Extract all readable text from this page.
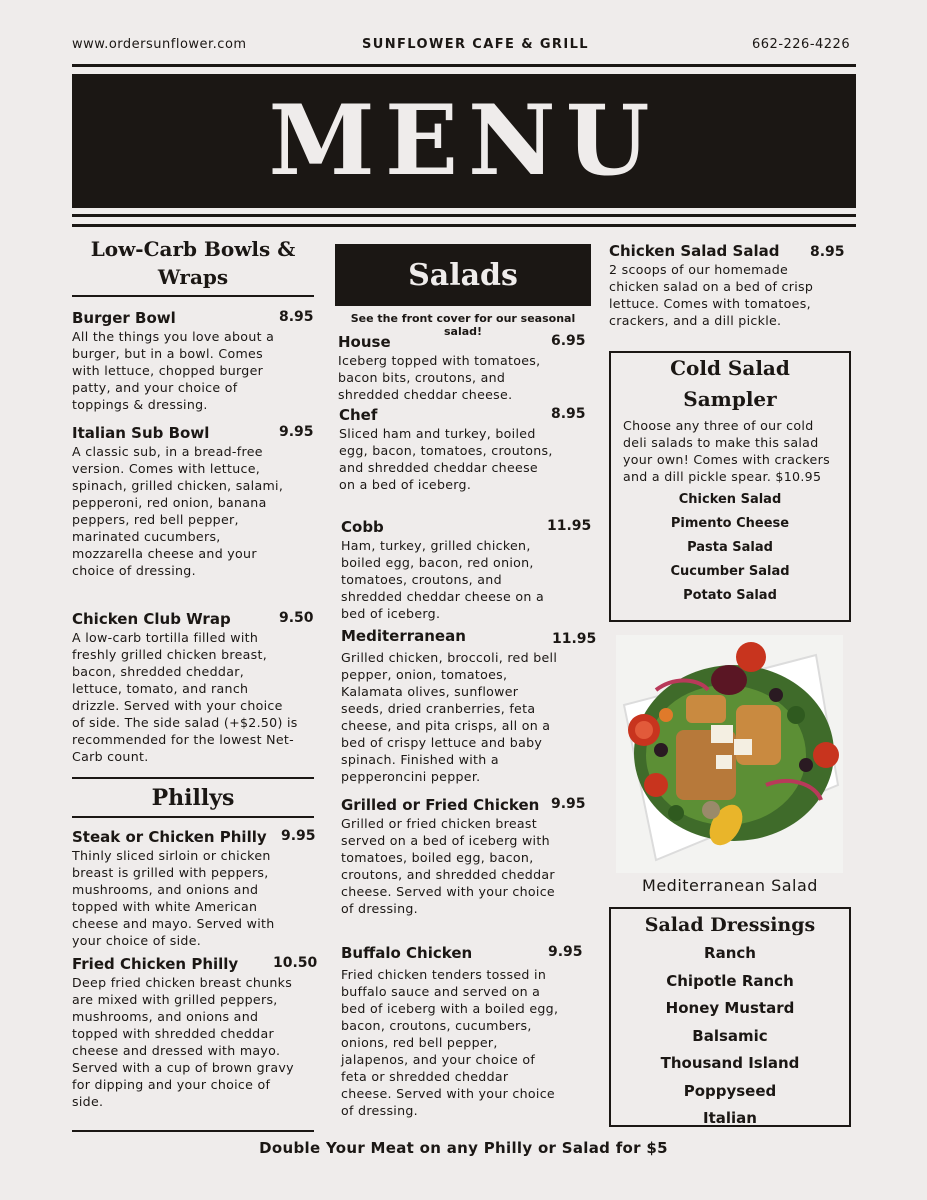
www.ordersunflower.com	SUNFLOWER CAFE & GRILL	662-226-4226
MENU
Low-Carb Bowls & Wraps
Burger Bowl	8.95
All the things you love about a burger, but in a bowl. Comes with lettuce, chopped burger patty, and your choice of toppings & dressing.
Italian Sub Bowl	9.95
A classic sub, in a bread-free version. Comes with lettuce, spinach, grilled chicken, salami, pepperoni, red onion, banana peppers, red bell pepper, marinated cucumbers, mozzarella cheese and your choice of dressing.
Chicken Club Wrap	9.50
A low-carb tortilla filled with freshly grilled chicken breast, bacon, shredded cheddar, lettuce, tomato, and ranch drizzle. Served with your choice of side. The side salad (+$2.50) is recommended for the lowest Net-Carb count.
Phillys
Steak or Chicken Philly	9.95
Thinly sliced sirloin or chicken breast is grilled with peppers, mushrooms, and onions and topped with white American cheese and mayo. Served with your choice of side.
Fried Chicken Philly	10.50
Deep fried chicken breast chunks are mixed with grilled peppers, mushrooms, and onions and topped with shredded cheddar cheese and dressed with mayo. Served with a cup of brown gravy for dipping and your choice of side.
Salads
See the front cover for our seasonal salad!
House	6.95
Iceberg topped with tomatoes, bacon bits, croutons, and shredded cheddar cheese.
Chef	8.95
Sliced ham and turkey, boiled egg, bacon, tomatoes, croutons, and shredded cheddar cheese on a bed of iceberg.
Cobb	11.95
Ham, turkey, grilled chicken, boiled egg, bacon, red onion, tomatoes, croutons, and shredded cheddar cheese on a bed of iceberg.
Mediterranean	11.95
Grilled chicken, broccoli, red bell pepper, onion, tomatoes, Kalamata olives, sunflower seeds, dried cranberries, feta cheese, and pita crisps, all on a bed of crispy lettuce and baby spinach. Finished with a pepperoncini pepper.
Grilled or Fried Chicken 9.95
Grilled or fried chicken breast served on a bed of iceberg with tomatoes, boiled egg, bacon, croutons, and shredded cheddar cheese. Served with your choice of dressing.
Buffalo Chicken	9.95
Fried chicken tenders tossed in buffalo sauce and served on a bed of iceberg with a boiled egg, bacon, croutons, cucumbers, onions, red bell pepper, jalapenos, and your choice of feta or shredded cheddar cheese. Served with your choice of dressing.
Chicken Salad Salad	8.95
2 scoops of our homemade chicken salad on a bed of crisp lettuce. Comes with tomatoes, crackers, and a dill pickle.
Cold Salad Sampler
Choose any three of our cold deli salads to make this salad your own! Comes with crackers and a dill pickle spear. $10.95
Chicken Salad
Pimento Cheese
Pasta Salad
Cucumber Salad
Potato Salad
Mediterranean Salad
Salad Dressings
Ranch
Chipotle Ranch
Honey Mustard
Balsamic
Thousand Island
Poppyseed
Italian
Double Your Meat on any Philly or Salad for $5
